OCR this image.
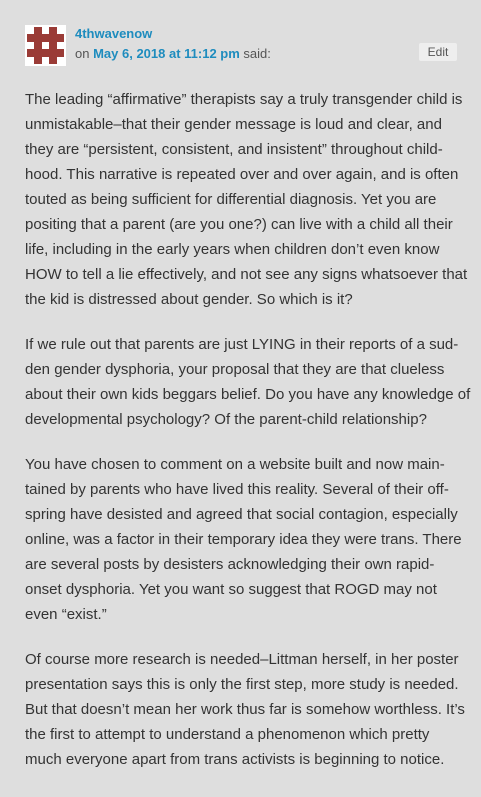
4thwavenow
on May 6, 2018 at 11:12 pm said:	Edit

The leading “affirmative” therapists say a truly transgender child is
unmistakable–that their gender message is loud and clear, and
they are “persistent, consistent, and insistent” throughout child-
hood. This narrative is repeated over and over again, and is often
touted as being sufficient for differential diagnosis. Yet you are
positing that a parent (are you one?) can live with a child all their
life, including in the early years when children don’t even know
HOW to tell a lie effectively, and not see any signs whatsoever that
the kid is distressed about gender. So which is it?

If we rule out that parents are just LYING in their reports of a sud-
den gender dysphoria, your proposal that they are that clueless
about their own kids beggars belief. Do you have any knowledge of
developmental psychology? Of the parent-child relationship?

You have chosen to comment on a website built and now main-
tained by parents who have lived this reality. Several of their off-
spring have desisted and agreed that social contagion, especially
online, was a factor in their temporary idea they were trans. There
are several posts by desisters acknowledging their own rapid-
onset dysphoria. Yet you want so suggest that ROGD may not
even “exist.”

Of course more research is needed–Littman herself, in her poster
presentation says this is only the first step, more study is needed.
But that doesn’t mean her work thus far is somehow worthless. It’s
the first to attempt to understand a phenomenon which pretty
much everyone apart from trans activists is beginning to notice.
